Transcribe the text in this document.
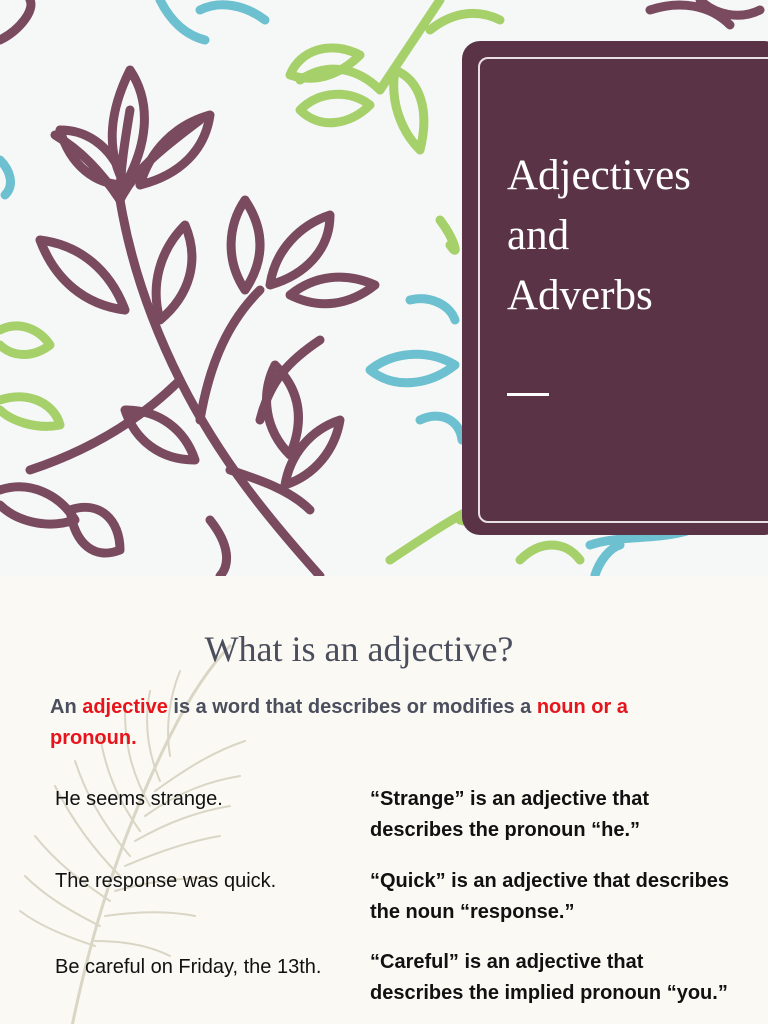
Adjectives
and
Adverbs
What is an adjective?
An adjective is a word that describes or modifies a noun or a pronoun.
He seems strange.	“Strange” is an adjective that describes the pronoun “he.”
The response was quick.	“Quick” is an adjective that describes the noun “response.”
Be careful on Friday, the 13th.	“Careful” is an adjective that describes the implied pronoun “you.”
